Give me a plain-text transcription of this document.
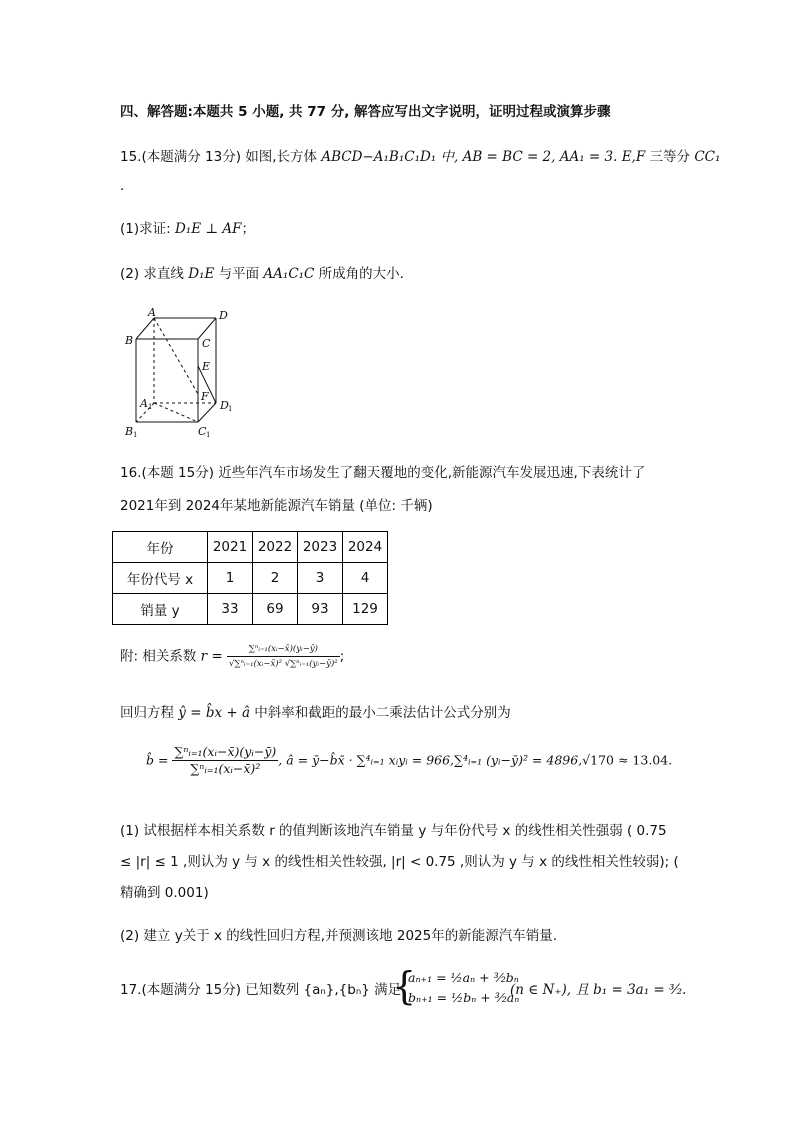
四、解答题:本题共 5 小题, 共 77 分, 解答应写出文字说明，证明过程或演算步骤
15.(本题满分 13分) 如图,长方体 ABCD−A₁B₁C₁D₁ 中, AB = BC = 2, AA₁ = 3. E,F 三等分 CC₁
.
(1)求证: D₁E ⊥ AF；
(2) 求直线 D₁E 与平面 AA₁C₁C 所成角的大小.
A	D
B	C
E
F
A	D
B	C
1	1
1	1
16.(本题 15分) 近些年汽车市场发生了翻天覆地的变化,新能源汽车发展迅速,下表统计了
2021年到 2024年某地新能源汽车销量 (单位: 千辆)
年份	2021	2022	2023	2024
年份代号 x	1	2	3	4
销量 y	33	69	93	129
附: 相关系数 $r = \frac{\text{∑ⁿᵢ₌₁(xᵢ−x̄)(yᵢ−ȳ)}}{\text{√∑ⁿᵢ₌₁(xᵢ−x̄)² √∑ⁿᵢ₌₁(yᵢ−ȳ)²}}$ ;
回归方程 ŷ = b̂x + â 中斜率和截距的最小二乘法估计公式分别为
b̂ = $\frac{\text{∑ⁿᵢ₌₁(xᵢ−x̄)(yᵢ−ȳ)}}{\text{∑ⁿᵢ₌₁(xᵢ−x̄)²}}$ , â = ȳ−b̂x̄ · ∑⁴ᵢ₌₁ xᵢyᵢ = 966,∑⁴ᵢ₌₁ (yᵢ−ȳ)² = 4896,√170 ≈ 13.04.
(1) 试根据样本相关系数 r 的值判断该地汽车销量 y 与年份代号 x 的线性相关性强弱 ( 0.75
≤ |r| ≤ 1 ,则认为 y 与 x 的线性相关性较强, |r| < 0.75 ,则认为 y 与 x 的线性相关性较弱); (
精确到 0.001)
(2) 建立 y关于 x 的线性回归方程,并预测该地 2025年的新能源汽车销量.
17.(本题满分 15分) 已知数列 {aₙ},{bₙ} 满足
{
aₙ₊₁ = ½aₙ + ³⁄₂bₙ
bₙ₊₁ = ½bₙ + ³⁄₂aₙ
(n ∈ N₊), 且 b₁ = 3a₁ = ³⁄₂.
